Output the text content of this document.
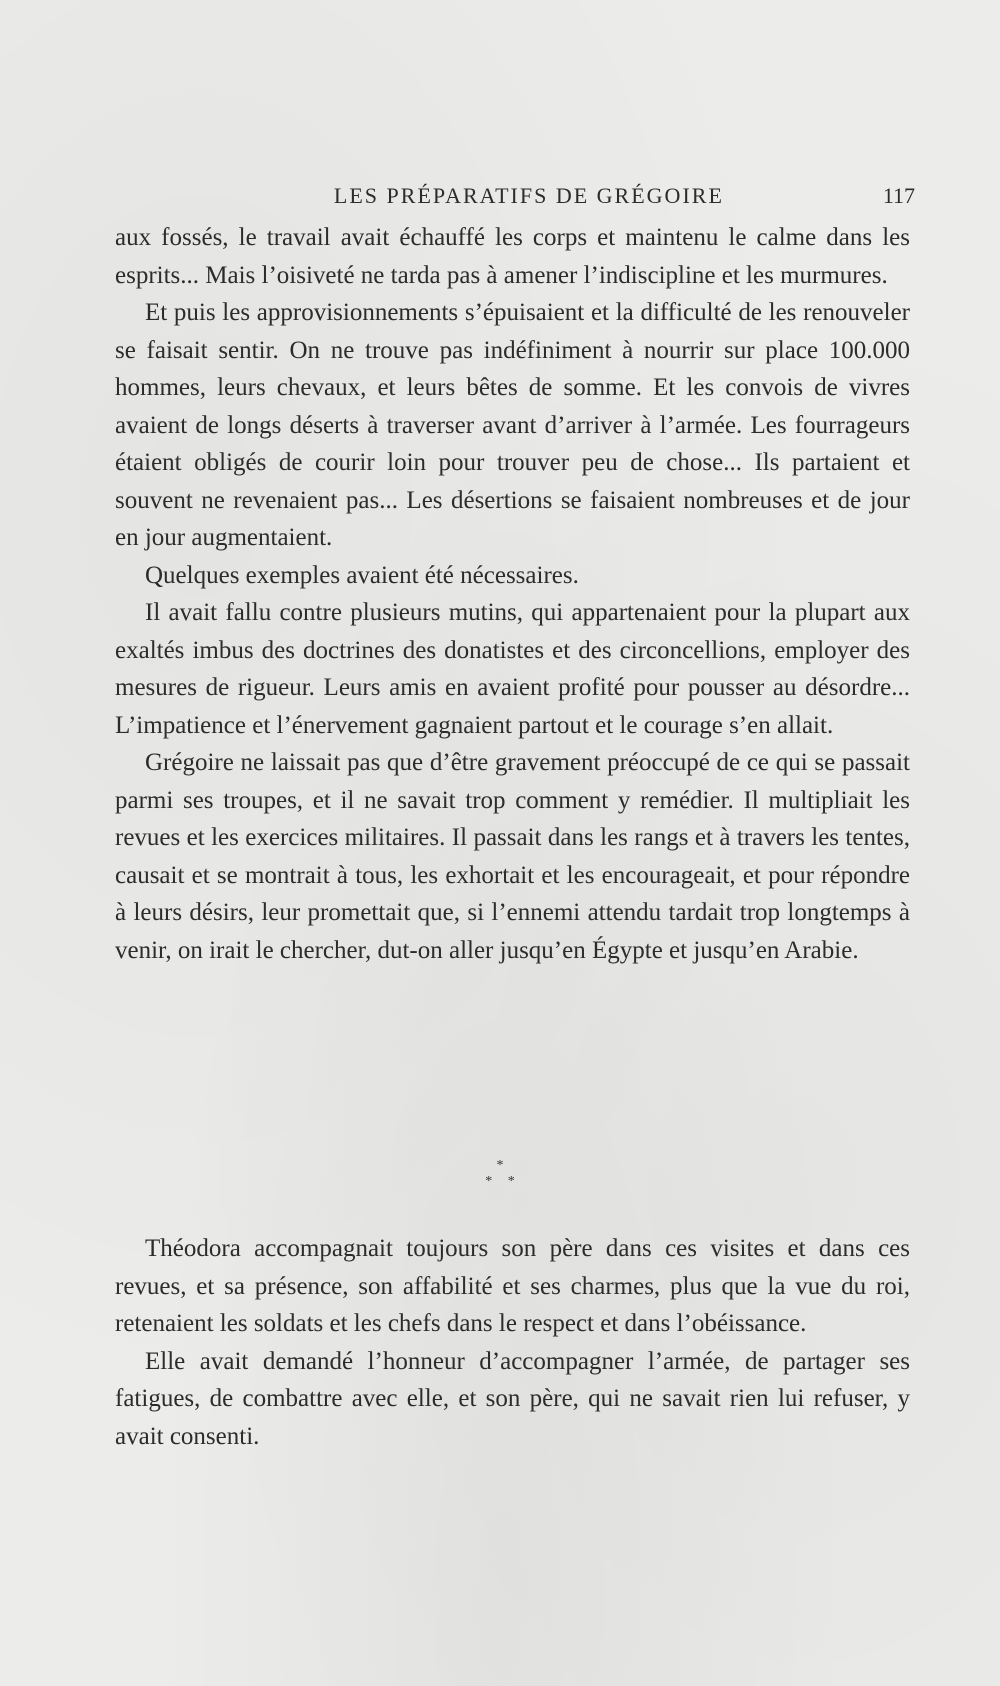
LES PRÉPARATIFS DE GRÉGOIRE	117

aux fossés, le travail avait échauffé les corps et maintenu le calme dans les esprits... Mais l’oisiveté ne tarda pas à amener l’indiscipline et les murmures.

Et puis les approvisionnements s’épuisaient et la difficulté de les renouveler se faisait sentir. On ne trouve pas indéfiniment à nourrir sur place 100.000 hommes, leurs chevaux, et leurs bêtes de somme. Et les convois de vivres avaient de longs déserts à traverser avant d’arriver à l’armée. Les fourrageurs étaient obligés de courir loin pour trouver peu de chose... Ils partaient et souvent ne revenaient pas... Les désertions se faisaient nombreuses et de jour en jour augmentaient.

Quelques exemples avaient été nécessaires.

Il avait fallu contre plusieurs mutins, qui appartenaient pour la plupart aux exaltés imbus des doctrines des donatistes et des circoncellions, employer des mesures de rigueur. Leurs amis en avaient profité pour pousser au désordre... L’impatience et l’énervement gagnaient partout et le courage s’en allait.

Grégoire ne laissait pas que d’être gravement préoccupé de ce qui se passait parmi ses troupes, et il ne savait trop comment y remédier. Il multipliait les revues et les exercices militaires. Il passait dans les rangs et à travers les tentes, causait et se montrait à tous, les exhortait et les encourageait, et pour répondre à leurs désirs, leur promettait que, si l’ennemi attendu tardait trop longtemps à venir, on irait le chercher, dut-on aller jusqu’en Égypte et jusqu’en Arabie.

*
* *

Théodora accompagnait toujours son père dans ces visites et dans ces revues, et sa présence, son affabilité et ses charmes, plus que la vue du roi, retenaient les soldats et les chefs dans le respect et dans l’obéissance.

Elle avait demandé l’honneur d’accompagner l’armée, de partager ses fatigues, de combattre avec elle, et son père, qui ne savait rien lui refuser, y avait consenti.
